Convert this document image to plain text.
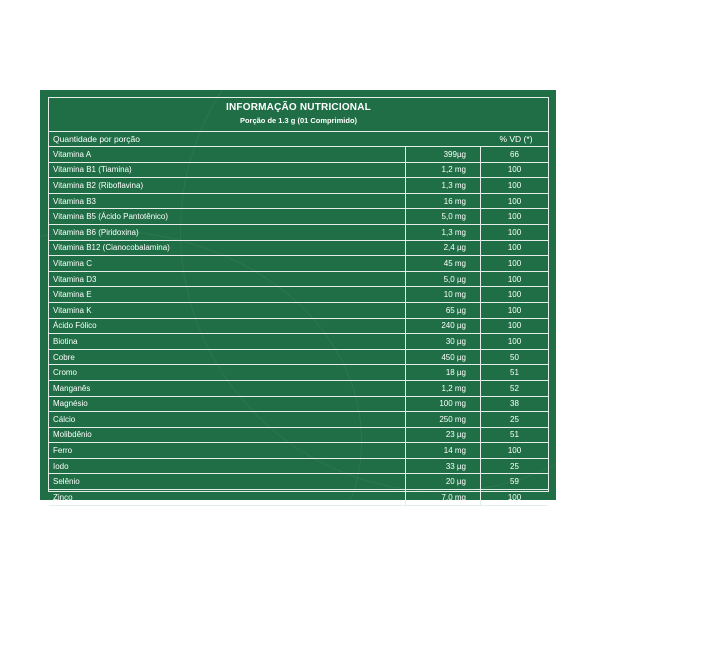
INFORMAÇÃO NUTRICIONAL
Porção de 1.3 g (01 Comprimido)
Quantidade por porção	% VD (*)
Vitamina A	399µg	66
Vitamina B1 (Tiamina)	1,2 mg	100
Vitamina B2 (Riboflavina)	1,3 mg	100
Vitamina B3	16 mg	100
Vitamina B5 (Ácido Pantotênico)	5,0 mg	100
Vitamina B6 (Piridoxina)	1,3 mg	100
Vitamina B12 (Cianocobalamina)	2,4 µg	100
Vitamina C	45 mg	100
Vitamina D3	5,0 µg	100
Vitamina E	10 mg	100
Vitamina K	65 µg	100
Ácido Fólico	240 µg	100
Biotina	30 µg	100
Cobre	450 µg	50
Cromo	18 µg	51
Manganês	1,2 mg	52
Magnésio	100 mg	38
Cálcio	250 mg	25
Molibdênio	23 µg	51
Ferro	14 mg	100
Iodo	33 µg	25
Selênio	20 µg	59
Zinco	7,0 mg	100
Não contém quantidades significativas de valor energético, carboidratos, proteínas, gorduras totais,
gorduras saturadas, gorduras trans, fibra alimentar e sódio.
